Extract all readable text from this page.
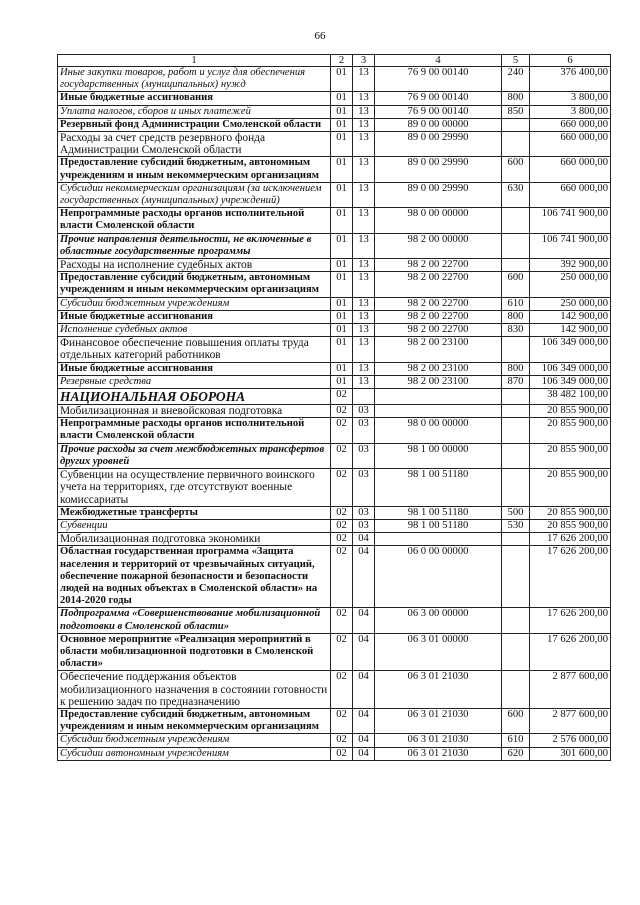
66
1	2	3	4	5	6
Иные закупки товаров, работ и услуг для обеспечения государственных (муниципальных) нужд	01	13	76 9 00 00140	240	376 400,00
Иные бюджетные ассигнования	01	13	76 9 00 00140	800	3 800,00
Уплата налогов, сборов и иных платежей	01	13	76 9 00 00140	850	3 800,00
Резервный фонд Администрации Смоленской области	01	13	89 0 00 00000		660 000,00
Расходы за счет средств резервного фонда Администрации Смоленской области	01	13	89 0 00 29990		660 000,00
Предоставление субсидий бюджетным, автономным учреждениям и иным некоммерческим организациям	01	13	89 0 00 29990	600	660 000,00
Субсидии некоммерческим организациям (за исключением государственных (муниципальных) учреждений)	01	13	89 0 00 29990	630	660 000,00
Непрограммные расходы органов исполнительной власти Смоленской области	01	13	98 0 00 00000		106 741 900,00
Прочие направления деятельности, не включенные в областные государственные программы	01	13	98 2 00 00000		106 741 900,00
Расходы на исполнение судебных актов	01	13	98 2 00 22700		392 900,00
Предоставление субсидий бюджетным, автономным учреждениям и иным некоммерческим организациям	01	13	98 2 00 22700	600	250 000,00
Субсидии бюджетным учреждениям	01	13	98 2 00 22700	610	250 000,00
Иные бюджетные ассигнования	01	13	98 2 00 22700	800	142 900,00
Исполнение судебных актов	01	13	98 2 00 22700	830	142 900,00
Финансовое обеспечение повышения оплаты труда отдельных категорий работников	01	13	98 2 00 23100		106 349 000,00
Иные бюджетные ассигнования	01	13	98 2 00 23100	800	106 349 000,00
Резервные средства	01	13	98 2 00 23100	870	106 349 000,00
НАЦИОНАЛЬНАЯ ОБОРОНА	02				38 482 100,00
Мобилизационная и вневойсковая подготовка	02	03			20 855 900,00
Непрограммные расходы органов исполнительной власти Смоленской области	02	03	98 0 00 00000		20 855 900,00
Прочие расходы за счет межбюджетных трансфертов других уровней	02	03	98 1 00 00000		20 855 900,00
Субвенции на осуществление первичного воинского учета на территориях, где отсутствуют военные комиссариаты	02	03	98 1 00 51180		20 855 900,00
Межбюджетные трансферты	02	03	98 1 00 51180	500	20 855 900,00
Субвенции	02	03	98 1 00 51180	530	20 855 900,00
Мобилизационная подготовка экономики	02	04			17 626 200,00
Областная государственная программа «Защита населения и территорий от чрезвычайных ситуаций, обеспечение пожарной безопасности и безопасности людей на водных объектах в Смоленской области» на 2014-2020 годы	02	04	06 0 00 00000		17 626 200,00
Подпрограмма «Совершенствование мобилизационной подготовки в Смоленской области»	02	04	06 3 00 00000		17 626 200,00
Основное мероприятие «Реализация мероприятий в области мобилизационной подготовки в Смоленской области»	02	04	06 3 01 00000		17 626 200,00
Обеспечение поддержания объектов мобилизационного назначения в состоянии готовности к решению задач по предназначению	02	04	06 3 01 21030		2 877 600,00
Предоставление субсидий бюджетным, автономным учреждениям и иным некоммерческим организациям	02	04	06 3 01 21030	600	2 877 600,00
Субсидии бюджетным учреждениям	02	04	06 3 01 21030	610	2 576 000,00
Субсидии автономным учреждениям	02	04	06 3 01 21030	620	301 600,00
